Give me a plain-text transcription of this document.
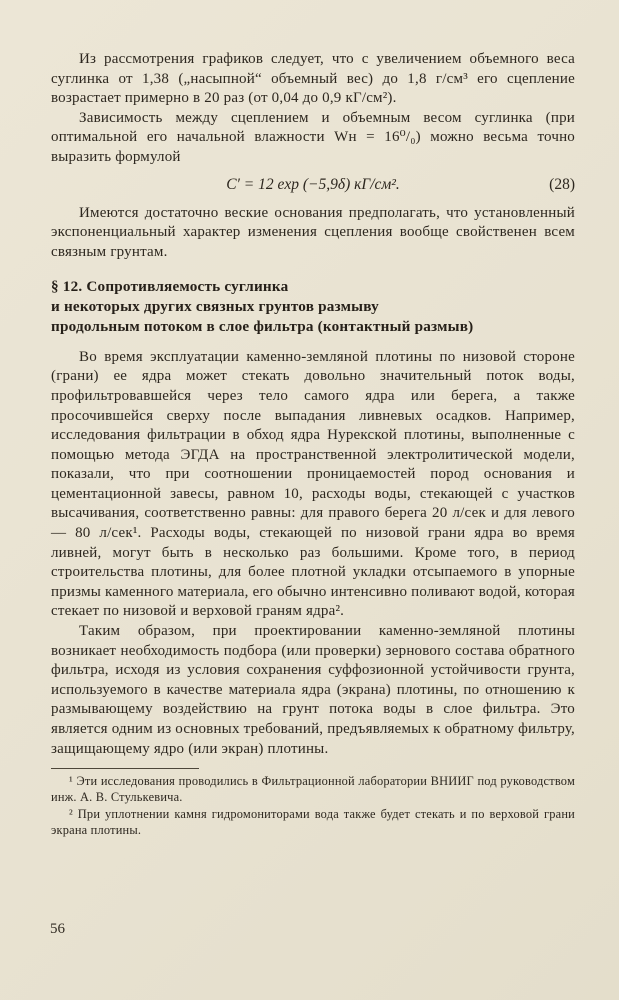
Из рассмотрения графиков следует, что с увеличением объемного веса суглинка от 1,38 („насыпной“ объемный вес) до 1,8 г/см³ его сцепление возрастает примерно в 20 раз (от 0,04 до 0,9 кГ/см²).

Зависимость между сцеплением и объемным весом суглинка (при оптимальной его начальной влажности Wн = 16⁰/₀) можно весьма точно выразить формулой

C′ = 12 exp (−5,9δ) кГ/см².	(28)

Имеются достаточно веские основания предполагать, что установленный экспоненциальный характер изменения сцепления вообще свойственен всем связным грунтам.

§ 12. Сопротивляемость суглинка
и некоторых других связных грунтов размыву
продольным потоком в слое фильтра (контактный размыв)

Во время эксплуатации каменно-земляной плотины по низовой стороне (грани) ее ядра может стекать довольно значительный поток воды, профильтровавшейся через тело самого ядра или берега, а также просочившейся сверху после выпадания ливневых осадков. Например, исследования фильтрации в обход ядра Нурекской плотины, выполненные с помощью метода ЭГДА на пространственной электролитической модели, показали, что при соотношении проницаемостей пород основания и цементационной завесы, равном 10, расходы воды, стекающей с участков высачивания, соответственно равны: для правого берега 20 л/сек и для левого — 80 л/сек¹. Расходы воды, стекающей по низовой грани ядра во время ливней, могут быть в несколько раз большими. Кроме того, в период строительства плотины, для более плотной укладки отсыпаемого в упорные призмы каменного материала, его обычно интенсивно поливают водой, которая стекает по низовой и верховой граням ядра².

Таким образом, при проектировании каменно-земляной плотины возникает необходимость подбора (или проверки) зернового состава обратного фильтра, исходя из условия сохранения суффозионной устойчивости грунта, используемого в качестве материала ядра (экрана) плотины, по отношению к размывающему воздействию на грунт потока воды в слое фильтра. Это является одним из основных требований, предъявляемых к обратному фильтру, защищающему ядро (или экран) плотины.

¹ Эти исследования проводились в Фильтрационной лаборатории ВНИИГ под руководством инж. А. В. Стулькевича.

² При уплотнении камня гидромониторами вода также будет стекать и по верховой грани экрана плотины.

56
